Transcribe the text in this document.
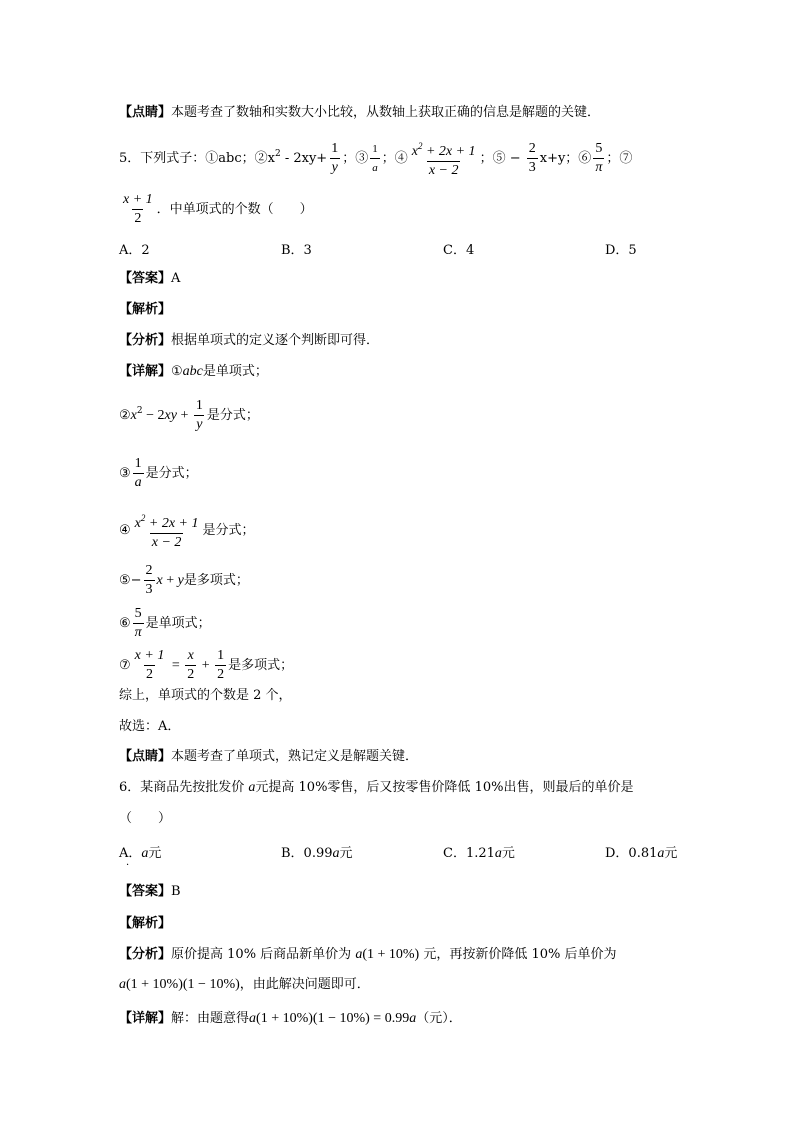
【点睛】本题考查了数轴和实数大小比较，从数轴上获取正确的信息是解题的关键．
5．下列式子：①abc；$②x^2 - 2xy+ \frac{1}{y}$ ；③ $\frac{1}{a}$ ；④ $\frac{x^2 + 2x + 1}{x - 2}$ ；⑤ − $\frac{2}{3} x+y$；⑥ $\frac{5}{\pi}$ ；⑦
$\frac{x + 1}{2}$ ．中单项式的个数（　　）
A．2	B．3	C．4	D．5
【答案】A
【解析】
【分析】根据单项式的定义逐个判断即可得．
【详解】①abc是单项式；
$②x^2 - 2xy + \frac{1}{y}$ 是分式；
③ $\frac{1}{a}$ 是分式；
④ $\frac{x^2 + 2x + 1}{x - 2}$ 是分式；
⑤− $\frac{2}{3}$ x + y是多项式；
⑥ $\frac{5}{\pi}$ 是单项式；
⑦ $\frac{x + 1}{2} = \frac{x}{2} + \frac{1}{2}$ 是多项式；
综上，单项式的个数是 2 个，
故选：A．
【点睛】本题考查了单项式，熟记定义是解题关键．
6．某商品先按批发价 a元提高 10%零售，后又按零售价降低 10%出售，则最后的单价是
（　　）
A．a元	B．0.99a元	C．1.21a元	D．0.81a元
·
【答案】B
【解析】
【分析】原价提高 10% 后商品新单价为 a(1 + 10%) 元，再按新价降低 10% 后单价为
a(1 + 10%)(1 − 10%)，由此解决问题即可．
【详解】解：由题意得a(1 + 10%)(1 − 10%) = 0.99a（元）．
